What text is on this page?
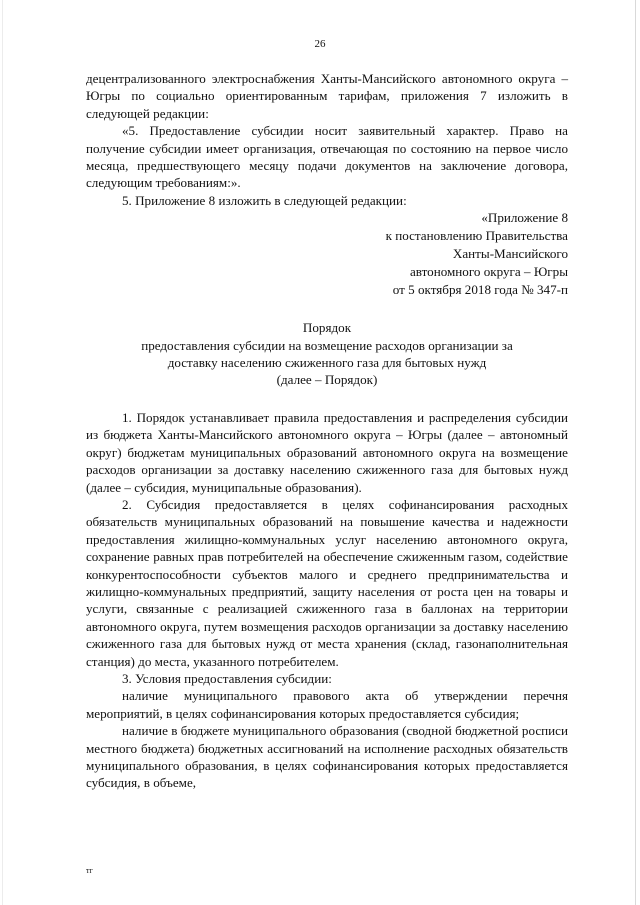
26

децентрализованного электроснабжения Ханты-Мансийского автономного округа – Югры по социально ориентированным тарифам, приложения 7 изложить в следующей редакции:

«5. Предоставление субсидии носит заявительный характер. Право на получение субсидии имеет организация, отвечающая по состоянию на первое число месяца, предшествующего месяцу подачи документов на заключение договора, следующим требованиям:».

5. Приложение 8 изложить в следующей редакции:

«Приложение 8
к постановлению Правительства
Ханты-Мансийского
автономного округа – Югры
от 5 октября 2018 года № 347-п
Порядок
предоставления субсидии на возмещение расходов организации за
доставку населению сжиженного газа для бытовых нужд
(далее – Порядок)

1. Порядок устанавливает правила предоставления и распределения субсидии из бюджета Ханты-Мансийского автономного округа – Югры (далее – автономный округ) бюджетам муниципальных образований автономного округа на возмещение расходов организации за доставку населению сжиженного газа для бытовых нужд (далее – субсидия, муниципальные образования).

2. Субсидия предоставляется в целях софинансирования расходных обязательств муниципальных образований на повышение качества и надежности предоставления жилищно-коммунальных услуг населению автономного округа, сохранение равных прав потребителей на обеспечение сжиженным газом, содействие конкурентоспособности субъектов малого и среднего предпринимательства и жилищно-коммунальных предприятий, защиту населения от роста цен на товары и услуги, связанные с реализацией сжиженного газа в баллонах на территории автономного округа, путем возмещения расходов организации за доставку населению сжиженного газа для бытовых нужд от места хранения (склад, газонаполнительная станция) до места, указанного потребителем.

3. Условия предоставления субсидии:

наличие муниципального правового акта об утверждении перечня мероприятий, в целях софинансирования которых предоставляется субсидия;

наличие в бюджете муниципального образования (сводной бюджетной росписи местного бюджета) бюджетных ассигнований на исполнение расходных обязательств муниципального образования, в целях софинансирования которых предоставляется субсидия, в объеме,

тг
